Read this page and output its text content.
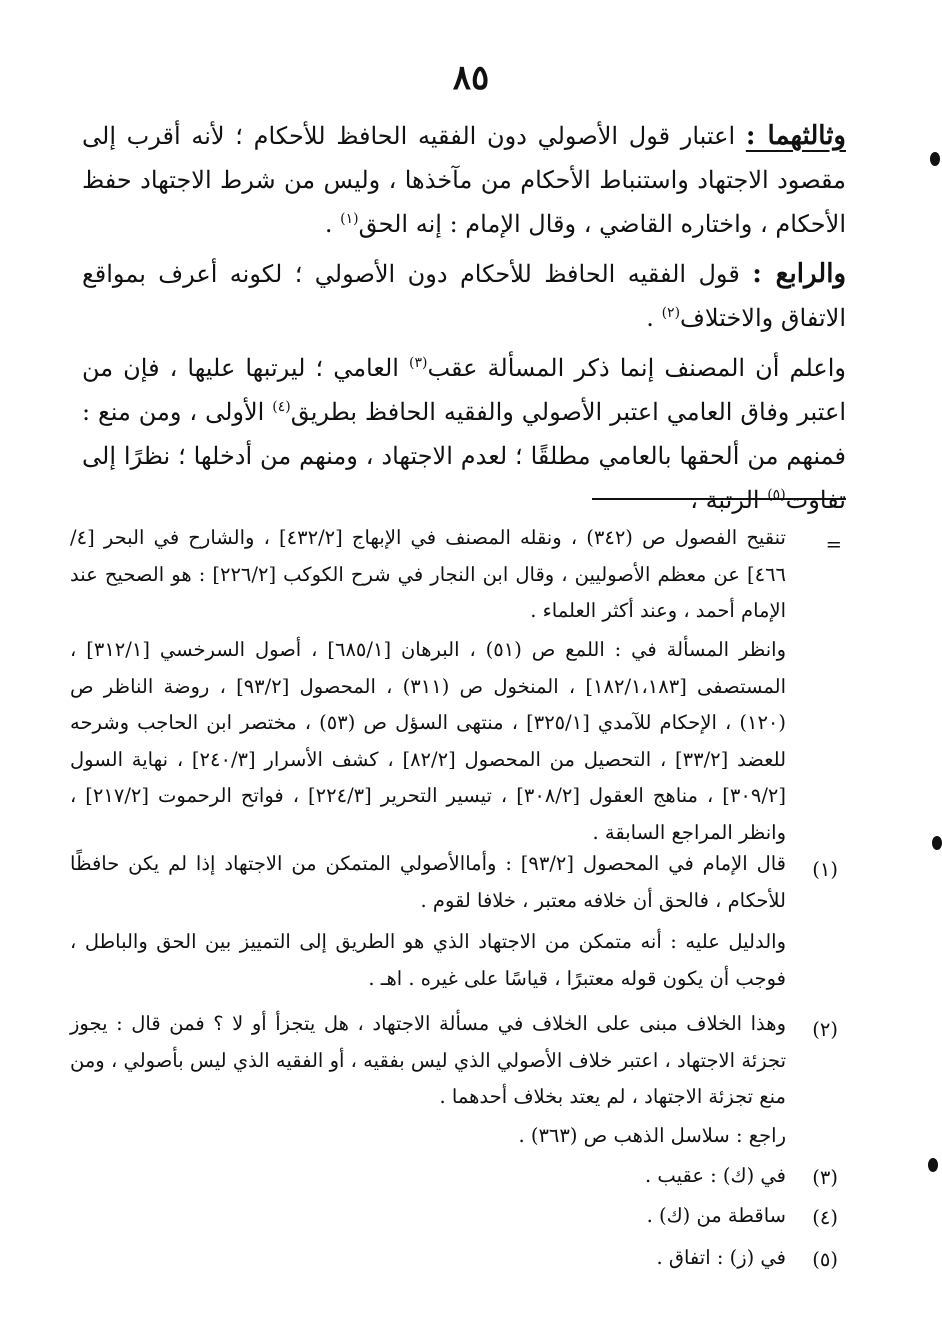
٨٥

وثالثهما : اعتبار قول الأصولي دون الفقيه الحافظ للأحكام ؛ لأنه أقرب إلى مقصود الاجتهاد واستنباط الأحكام من مآخذها ، وليس من شرط الاجتهاد حفظ الأحكام ، واختاره القاضي ، وقال الإمام : إنه الحق$^{(١)}$ .

والرابع : قول الفقيه الحافظ للأحكام دون الأصولي ؛ لكونه أعرف بمواقع الاتفاق والاختلاف$^{(٢)}$ .

واعلم أن المصنف إنما ذكر المسألة عقب$^{(٣)}$ العامي ؛ ليرتبها عليها ، فإن من اعتبر وفاق العامي اعتبر الأصولي والفقيه الحافظ بطريق$^{(٤)}$ الأولى ، ومن منع : فمنهم من ألحقها بالعامي مطلقًا ؛ لعدم الاجتهاد ، ومنهم من أدخلها ؛ نظرًا إلى تفاوت$^{(٥)}$ الرتبة ،

=
تنقيح الفصول ص (٣٤٢) ، ونقله المصنف في الإبهاج [٤٣٢/٢] ، والشارح في البحر [٤/ ٤٦٦] عن معظم الأصوليين ، وقال ابن النجار في شرح الكوكب [٢٢٦/٢] : هو الصحيح عند الإمام أحمد ، وعند أكثر العلماء .
وانظر المسألة في : اللمع ص (٥١) ، البرهان [٦٨٥/١] ، أصول السرخسي [٣١٢/١] ، المستصفى [١٨٢/١،١٨٣] ، المنخول ص (٣١١) ، المحصول [٩٣/٢] ، روضة الناظر ص (١٢٠) ، الإحكام للآمدي [٣٢٥/١] ، منتهى السؤل ص (٥٣) ، مختصر ابن الحاجب وشرحه للعضد [٣٣/٢] ، التحصيل من المحصول [٨٢/٢] ، كشف الأسرار [٢٤٠/٣] ، نهاية السول [٣٠٩/٢] ، مناهج العقول [٣٠٨/٢] ، تيسير التحرير [٢٢٤/٣] ، فواتح الرحموت [٢١٧/٢] ، وانظر المراجع السابقة .
(١)
قال الإمام في المحصول [٩٣/٢] : وأماالأصولي المتمكن من الاجتهاد إذا لم يكن حافظًا للأحكام ، فالحق أن خلافه معتبر ، خلافا لقوم .
والدليل عليه : أنه متمكن من الاجتهاد الذي هو الطريق إلى التمييز بين الحق والباطل ، فوجب أن يكون قوله معتبرًا ، قياسًا على غيره . اهـ .
(٢)
وهذا الخلاف مبنى على الخلاف في مسألة الاجتهاد ، هل يتجزأ أو لا ؟ فمن قال : يجوز تجزئة الاجتهاد ، اعتبر خلاف الأصولي الذي ليس بفقيه ، أو الفقيه الذي ليس بأصولي ، ومن منع تجزئة الاجتهاد ، لم يعتد بخلاف أحدهما .
راجع : سلاسل الذهب ص (٣٦٣) .
(٣)
في (ك) : عقيب .
(٤)
ساقطة من (ك) .
(٥)
في (ز) : اتفاق .
